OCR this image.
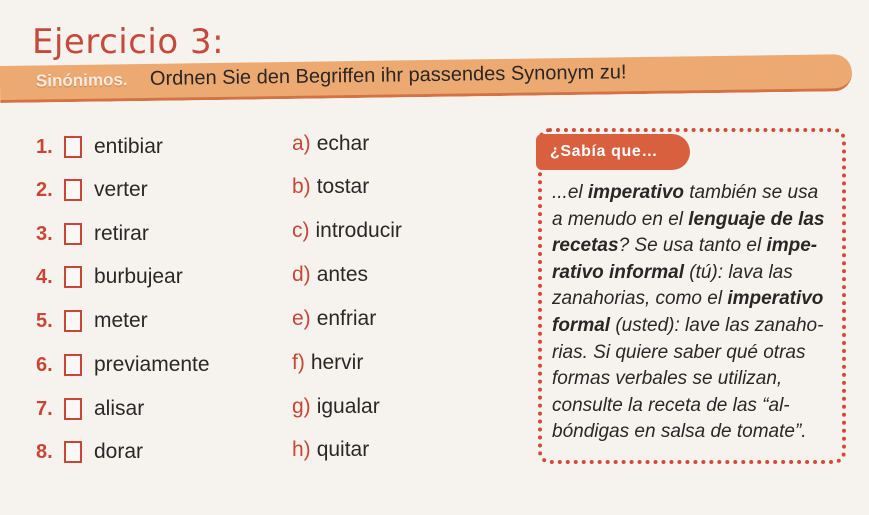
Ejercicio 3:
Sinónimos. Ordnen Sie den Begriffen ihr passendes Synonym zu!
1.	entibiar
2.	verter
3.	retirar
4.	burbujear
5.	meter
6.	previamente
7.	alisar
8.	dorar
a) echar
b) tostar
c) introducir
d) antes
e) enfriar
f) hervir
g) igualar
h) quitar
¿Sabía que…
...el imperativo también se usa
a menudo en el lenguaje de las
recetas? Se usa tanto el impe-
rativo informal (tú): lava las
zanahorias, como el imperativo
formal (usted): lave las zanaho-
rias. Si quiere saber qué otras
formas verbales se utilizan,
consulte la receta de las “al-
bóndigas en salsa de tomate”.
